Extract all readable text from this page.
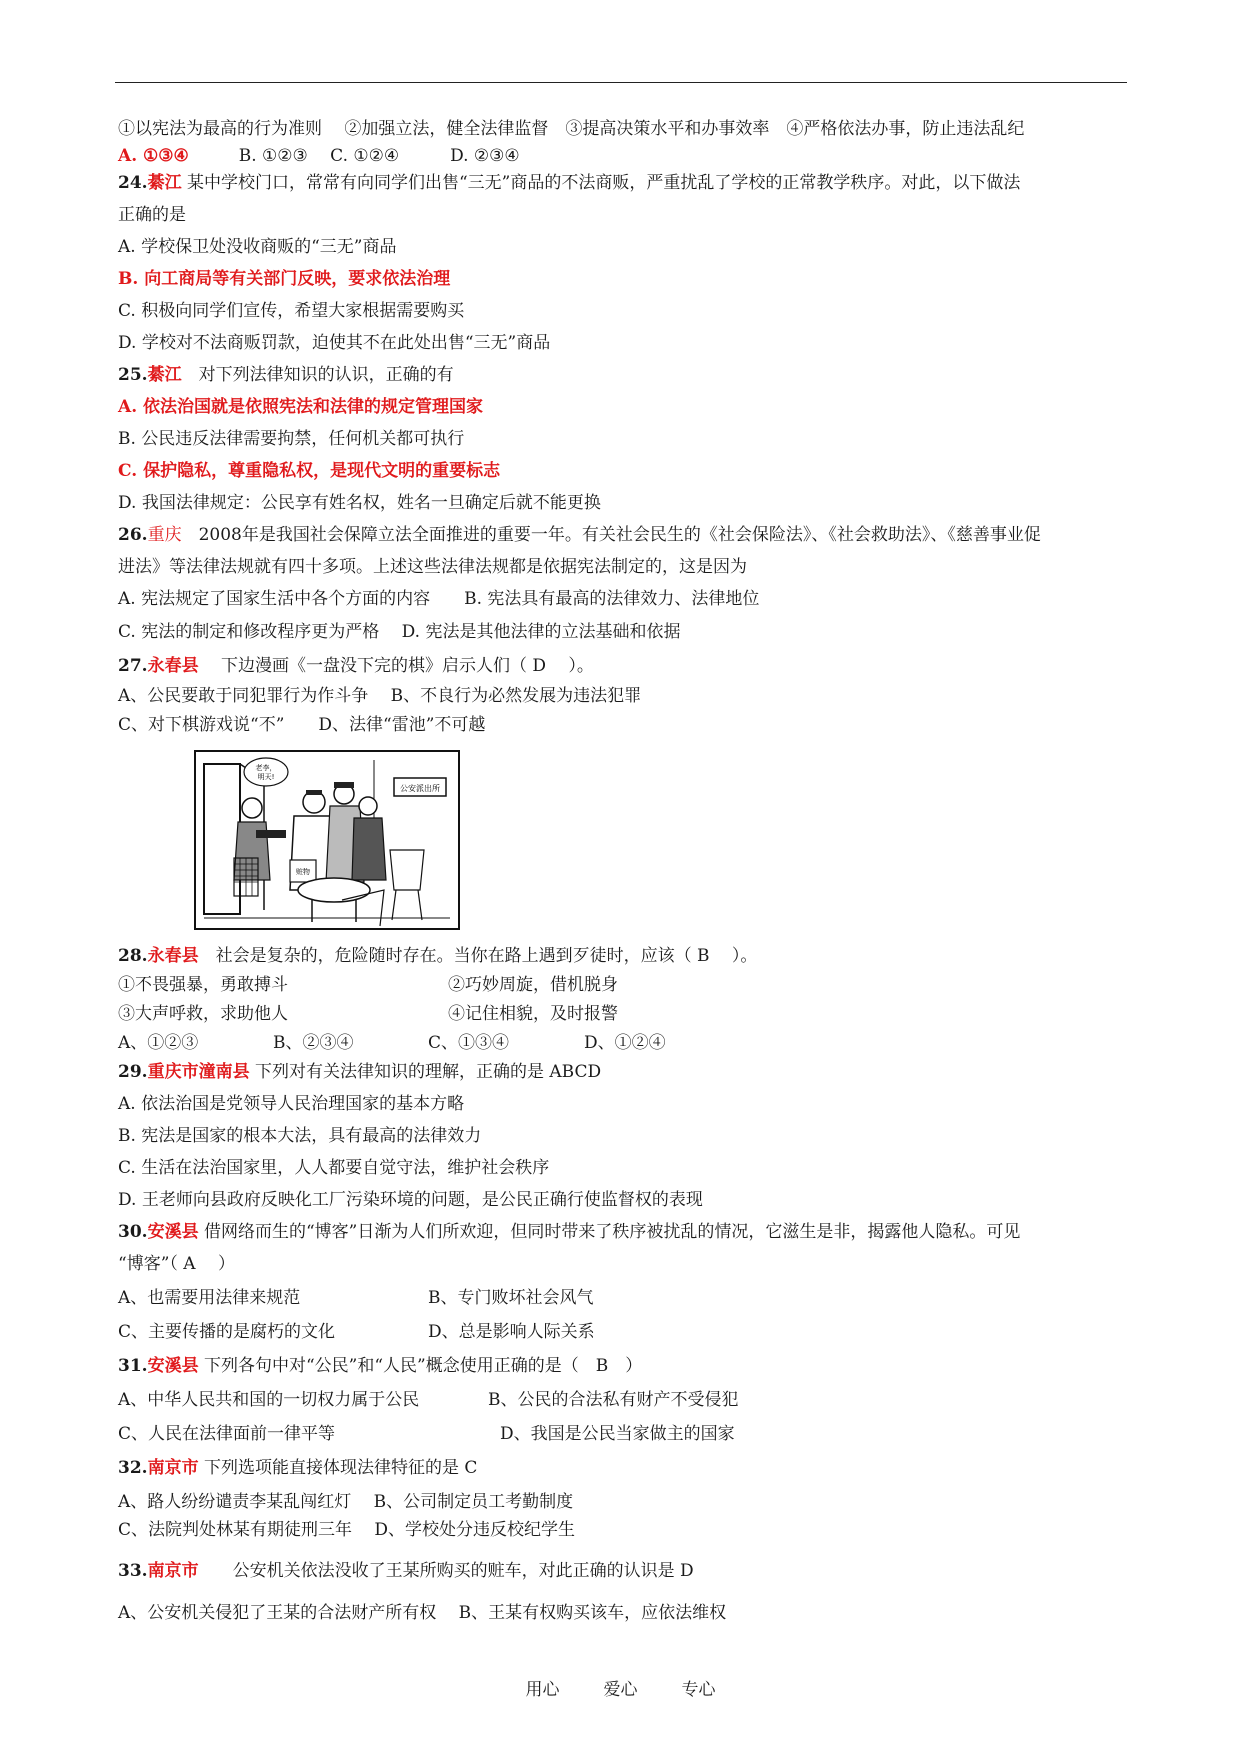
①以宪法为最高的行为准则　 ②加强立法，健全法律监督　③提高决策水平和办事效率　④严格依法办事，防止违法乱纪
A. ①③④	B. ①②③　 C. ①②④　　　D. ②③④
24.綦江 某中学校门口，常常有向同学们出售“三无”商品的不法商贩，严重扰乱了学校的正常教学秩序。对此，以下做法
正确的是
A. 学校保卫处没收商贩的“三无”商品
B. 向工商局等有关部门反映，要求依法治理
C. 积极向同学们宣传，希望大家根据需要购买
D. 学校对不法商贩罚款，迫使其不在此处出售“三无”商品
25.綦江　对下列法律知识的认识，正确的有
A. 依法治国就是依照宪法和法律的规定管理国家
B. 公民违反法律需要拘禁，任何机关都可执行
C. 保护隐私，尊重隐私权，是现代文明的重要标志
D. 我国法律规定：公民享有姓名权，姓名一旦确定后就不能更换
26.重庆　2008年是我国社会保障立法全面推进的重要一年。有关社会民生的《社会保险法》、《社会救助法》、《慈善事业促
进法》等法律法规就有四十多项。上述这些法律法规都是依据宪法制定的，这是因为
A. 宪法规定了国家生活中各个方面的内容　　B. 宪法具有最高的法律效力、法律地位
C. 宪法的制定和修改程序更为严格　 D. 宪法是其他法律的立法基础和依据
27.永春县　 下边漫画《一盘没下完的棋》启示人们（ D　 ）。
A、公民要敢于同犯罪行为作斗争　 B、不良行为必然发展为违法犯罪
C、对下棋游戏说“不”　　D、法律“雷池”不可越
公安派出所
老李，
明天!
赃物
28.永春县　社会是复杂的，危险随时存在。当你在路上遇到歹徒时，应该（ B　 ）。
①不畏强暴，勇敢搏斗	②巧妙周旋，借机脱身
③大声呼救，求助他人	④记住相貌，及时报警
A、①②③	B、②③④	C、①③④	D、①②④
29.重庆市潼南县 下列对有关法律知识的理解，正确的是 ABCD
A. 依法治国是党领导人民治理国家的基本方略
B. 宪法是国家的根本大法，具有最高的法律效力
C. 生活在法治国家里，人人都要自觉守法，维护社会秩序
D. 王老师向县政府反映化工厂污染环境的问题，是公民正确行使监督权的表现
30.安溪县 借网络而生的“博客”日渐为人们所欢迎，但同时带来了秩序被扰乱的情况，它滋生是非，揭露他人隐私。可见
“博客”（ A　 ）
A、也需要用法律来规范	B、专门败坏社会风气
C、主要传播的是腐朽的文化	D、总是影响人际关系
31.安溪县 下列各句中对“公民”和“人民”概念使用正确的是（　B　）
A、中华人民共和国的一切权力属于公民	B、公民的合法私有财产不受侵犯
C、人民在法律面前一律平等	D、我国是公民当家做主的国家
32.南京市 下列选项能直接体现法律特征的是 C
A、路人纷纷谴责李某乱闯红灯　 B、公司制定员工考勤制度
C、法院判处林某有期徒刑三年　 D、学校处分违反校纪学生
33.南京市　　公安机关依法没收了王某所购买的赃车，对此正确的认识是 D
A、公安机关侵犯了王某的合法财产所有权　 B、王某有权购买该车，应依法维权
用心	爱心	专心
